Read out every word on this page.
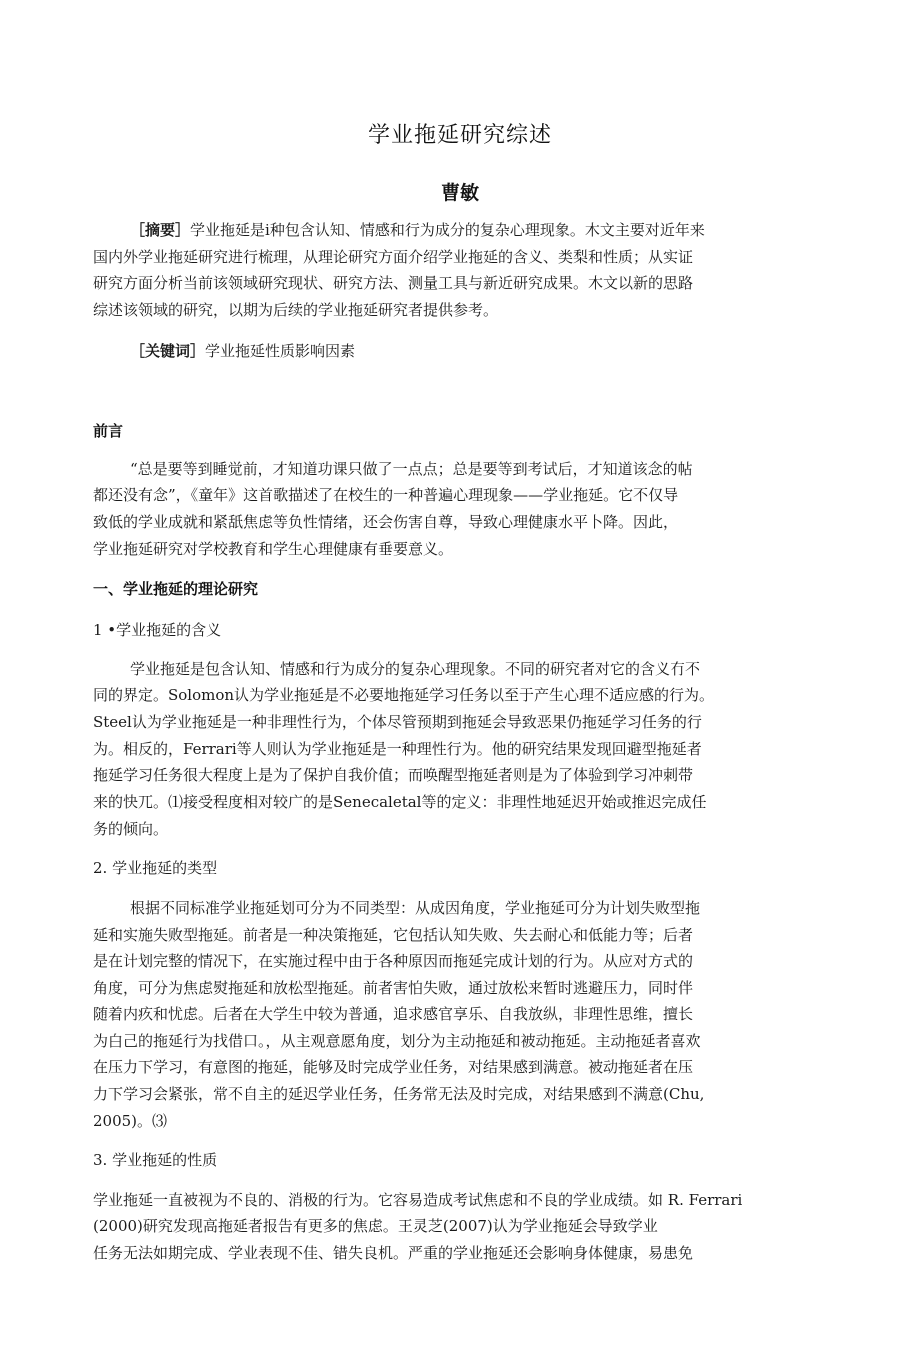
学业拖延研究综述
曹敏
［摘要］学业拖延是i种包含认知、情感和行为成分的复杂心理现象。木文主要对近年来
国内外学业拖延研究进行梳理，从理论研究方面介绍学业拖延的含义、类梨和性质；从实证
研究方面分析当前该领域研究现状、研究方法、测量工具与新近研究成果。木文以新的思路
综述该领域的研究，以期为后续的学业拖延研究者提供参考。
［关键词］学业拖延性质影响因素
前言
“总是要等到睡觉前，才知道功课只做了一点点；总是要等到考试后，才知道该念的帖
都还没有念”，《童年》这首歌描述了在校生的一种普遍心理现象——学业拖延。它不仅导
致低的学业成就和紧舐焦虑等负性情绪，还会伤害自尊，导致心理健康水平卜降。因此，
学业拖延研究对学校教育和学生心理健康有垂要意义。
一、学业拖延的理论研究
1 •学业拖延的含义
学业拖延是包含认知、情感和行为成分的复杂心理现象。不同的研究者对它的含义冇不
同的界定。Solomon认为学业拖延是不必要地拖延学习任务以至于产生心理不适应感的行为。
Steel认为学业拖延是一种非理性行为，个体尽管预期到拖延会导致恶果仍拖延学习任务的行
为。相反的，Ferrari等人则认为学业拖延是一种理性行为。他的研究结果发现回避型拖延者
拖延学习任务很大程度上是为了保护自我价值；而唤醒型拖延者则是为了体验到学习冲刺带
来的快兀。⑴接受程度相对较广的是Senecaletal等的定义：非理性地延迟开始或推迟完成任
务的倾向。
2. 学业拖延的类型
根据不同标准学业拖延划可分为不同类型：从成因角度，学业拖延可分为计划失败型拖
延和实施失败型拖延。前者是一种决策拖延，它包括认知失败、失去耐心和低能力等；后者
是在计划完整的情况下，在实施过程中由于各种原因而拖延完成计划的行为。从应对方式的
角度，可分为焦虑熨拖延和放松型拖延。前者害怕失败，通过放松来暂时逃避压力，同时伴
随着内疚和忧虑。后者在大学生中较为普通，追求感官享乐、自我放纵，非理性思维，擅长
为白己的拖延行为找借口。，从主观意愿角度，划分为主动拖延和被动拖延。主动拖延者喜欢
在压力下学习，有意图的拖延，能够及时完成学业任务，对结果感到满意。被动拖延者在压
力下学习会紧张，常不自主的延迟学业任务，任务常无法及时完成，对结果感到不满意(Chu,
2005)。⑶
3. 学业拖延的性质
学业拖延一直被视为不良的、消极的行为。它容易造成考试焦虑和不良的学业成绩。如 R. Ferrari
(2000)研究发现高拖延者报告有更多的焦虑。王灵芝(2007)认为学业拖延会导致学业
任务无法如期完成、学业表现不佳、错失良机。严重的学业拖延还会影响身体健康，易患免
